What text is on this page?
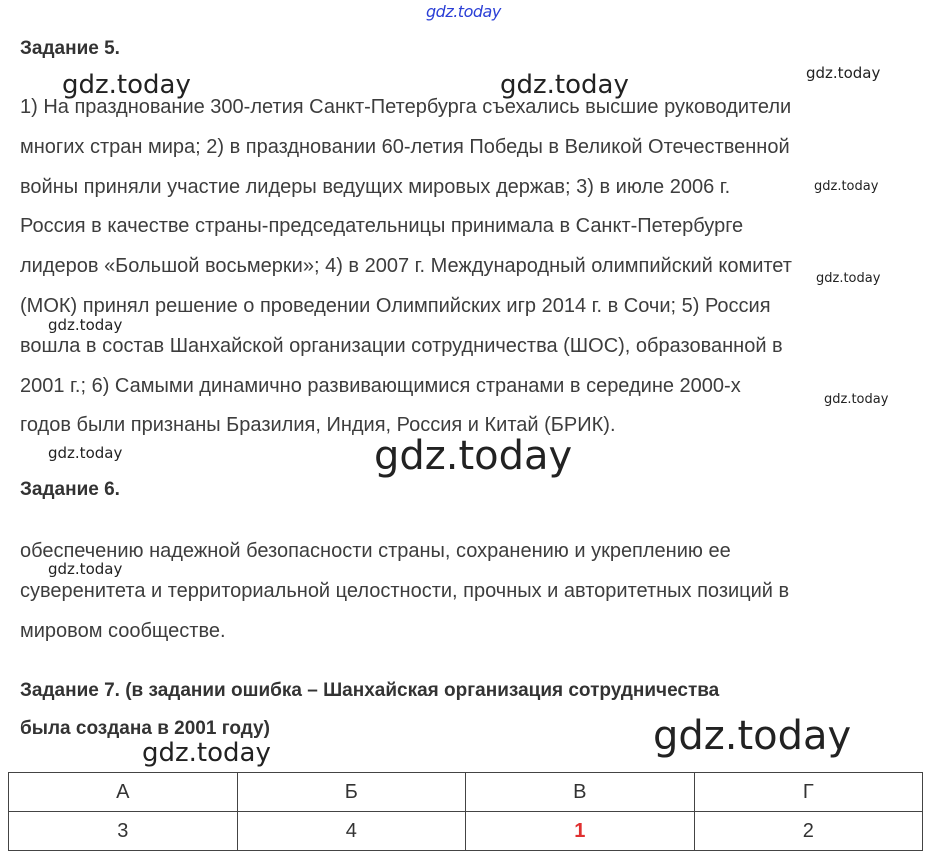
gdz.today
gdz.today	gdz.today	gdz.today
gdz.today
gdz.today
gdz.today
gdz.today
gdz.today	gdz.today
gdz.today
gdz.today
gdz.today
Задание 5.
1) На празднование 300-летия Санкт-Петербурга съехались высшие руководители
многих стран мира; 2) в праздновании 60-летия Победы в Великой Отечественной
войны приняли участие лидеры ведущих мировых держав; 3) в июле 2006 г.
Россия в качестве страны-председательницы принимала в Санкт-Петербурге
лидеров «Большой восьмерки»; 4) в 2007 г. Международный олимпийский комитет
(МОК) принял решение о проведении Олимпийских игр 2014 г. в Сочи; 5) Россия
вошла в состав Шанхайской организации сотрудничества (ШОС), образованной в
2001 г.; 6) Самыми динамично развивающимися странами в середине 2000-х
годов были признаны Бразилия, Индия, Россия и Китай (БРИК).
Задание 6.
обеспечению надежной безопасности страны, сохранению и укреплению ее
суверенитета и территориальной целостности, прочных и авторитетных позиций в
мировом сообществе.
Задание 7. (в задании ошибка – Шанхайская организация сотрудничества
была создана в 2001 году)
А	Б	В	Г
3	4	1	2
